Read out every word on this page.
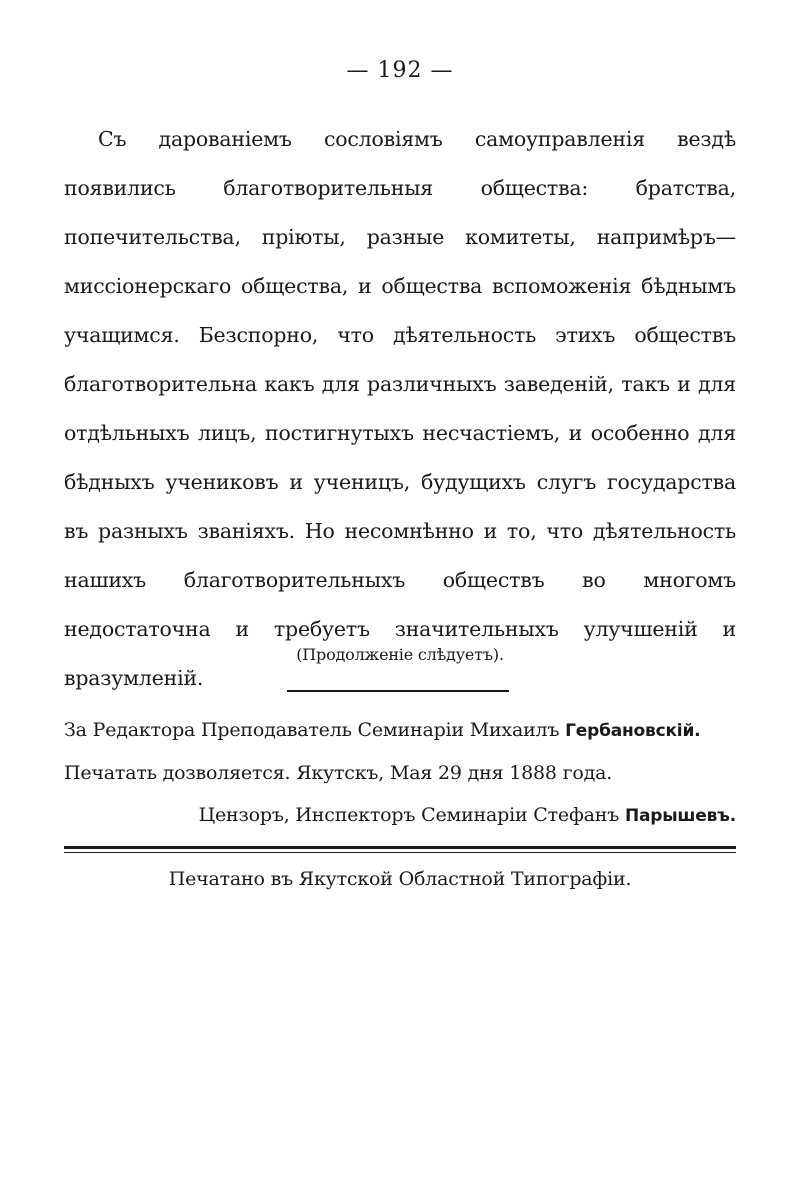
— 192 —

Съ дарованіемъ сословіямъ самоуправленія вездѣ появились благотворительныя общества: братства, попечительства, пріюты, разные комитеты, напримѣръ—миссіонерскаго общества, и общества вспоможенія бѣднымъ учащимся. Безспорно, что дѣятельность этихъ обществъ благотворительна какъ для различныхъ заведеній, такъ и для отдѣльныхъ лицъ, постигнутыхъ несчастіемъ, и особенно для бѣдныхъ учениковъ и ученицъ, будущихъ слугъ государства въ разныхъ званіяхъ. Но несомнѣнно и то, что дѣятельность нашихъ благотворительныхъ обществъ во многомъ недостаточна и требуетъ значительныхъ улучшеній и вразумленій.

(Продолженіе слѣдуетъ).
За Редактора Преподаватель Семинаріи Михаилъ Гербановскій.
Печатать дозволяется. Якутскъ, Мая 29 дня 1888 года.
Цензоръ, Инспекторъ Семинаріи Стефанъ Парышевъ.
Печатано въ Якутской Областной Типографіи.
